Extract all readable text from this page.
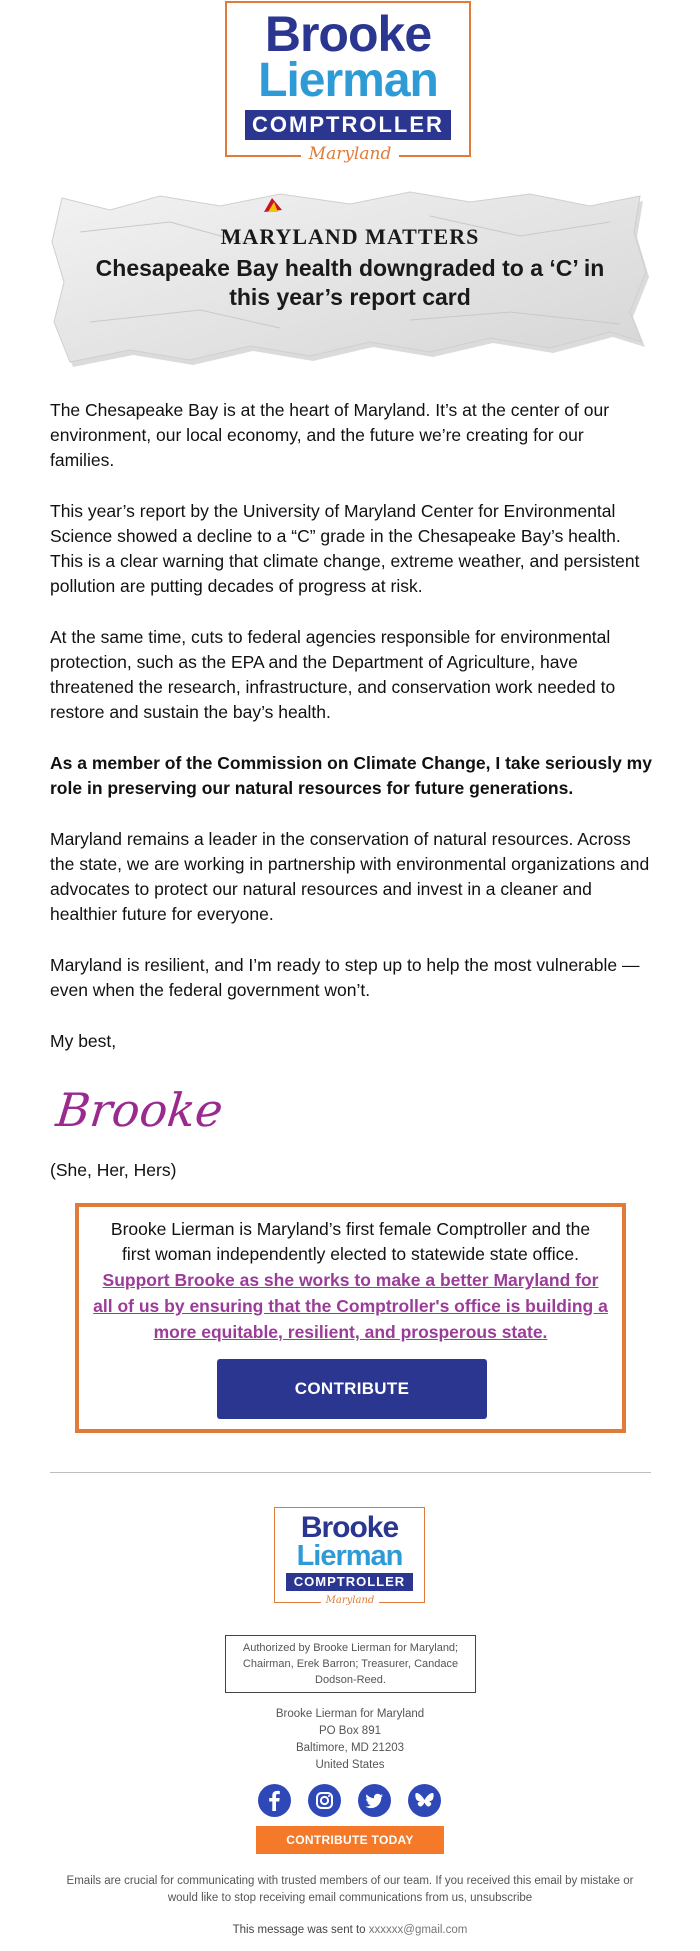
Brooke
Lierman
COMPTROLLER
Maryland
MARYLAND MATTERS
Chesapeake Bay health downgraded to a ‘C’ in this year’s report card

The Chesapeake Bay is at the heart of Maryland. It’s at the center of our environment, our local economy, and the future we’re creating for our families.

This year’s report by the University of Maryland Center for Environmental Science showed a decline to a “C” grade in the Chesapeake Bay’s health. This is a clear warning that climate change, extreme weather, and persistent pollution are putting decades of progress at risk.

At the same time, cuts to federal agencies responsible for environmental protection, such as the EPA and the Department of Agriculture, have threatened the research, infrastructure, and conservation work needed to restore and sustain the bay’s health.

As a member of the Commission on Climate Change, I take seriously my role in preserving our natural resources for future generations.

Maryland remains a leader in the conservation of natural resources. Across the state, we are working in partnership with environmental organizations and advocates to protect our natural resources and invest in a cleaner and healthier future for everyone.

Maryland is resilient, and I’m ready to step up to help the most vulnerable — even when the federal government won’t.

My best,

Brooke

(She, Her, Hers)

Brooke Lierman is Maryland’s first female Comptroller and the first woman independently elected to statewide state office.
Support Brooke as she works to make a better Maryland for all of us by ensuring that the Comptroller's office is building a more equitable, resilient, and prosperous state.
CONTRIBUTE
Brooke
Lierman
COMPTROLLER
Maryland
Authorized by Brooke Lierman for Maryland; Chairman, Erek Barron; Treasurer, Candace Dodson-Reed.
Brooke Lierman for Maryland
PO Box 891
Baltimore, MD 21203
United States
CONTRIBUTE TODAY
Emails are crucial for communicating with trusted members of our team. If you received this email by mistake or would like to stop receiving email communications from us, unsubscribe
This message was sent to xxxxxx@gmail.com
